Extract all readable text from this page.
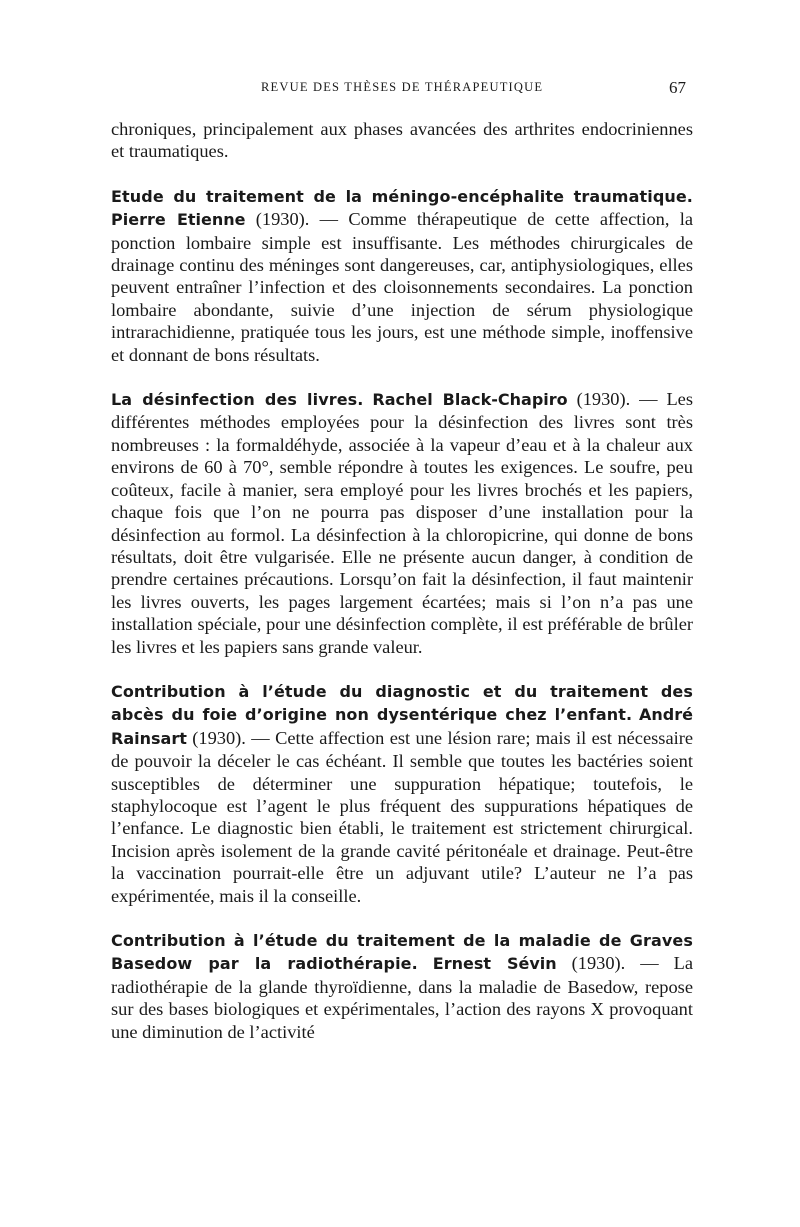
REVUE DES THÈSES DE THÉRAPEUTIQUE	67

chroniques, principalement aux phases avancées des arthrites endocriniennes et traumatiques.

Etude du traitement de la méningo-encéphalite traumatique. Pierre Etienne (1930). — Comme thérapeutique de cette affection, la ponction lombaire simple est insuffisante. Les méthodes chirurgicales de drainage continu des méninges sont dangereuses, car, antiphysiologiques, elles peuvent entraîner l’infection et des cloisonnements secondaires. La ponction lombaire abondante, suivie d’une injection de sérum physiologique intrarachidienne, pratiquée tous les jours, est une méthode simple, inoffensive et donnant de bons résultats.

La désinfection des livres. Rachel Black-Chapiro (1930). — Les différentes méthodes employées pour la désinfection des livres sont très nombreuses : la formaldéhyde, associée à la vapeur d’eau et à la chaleur aux environs de 60 à 70°, semble répondre à toutes les exigences. Le soufre, peu coûteux, facile à manier, sera employé pour les livres brochés et les papiers, chaque fois que l’on ne pourra pas disposer d’une installation pour la désinfection au formol. La désinfection à la chloropicrine, qui donne de bons résultats, doit être vulgarisée. Elle ne présente aucun danger, à condition de prendre certaines précautions. Lorsqu’on fait la désinfection, il faut maintenir les livres ouverts, les pages largement écartées; mais si l’on n’a pas une installation spéciale, pour une désinfection complète, il est préférable de brûler les livres et les papiers sans grande valeur.

Contribution à l’étude du diagnostic et du traitement des abcès du foie d’origine non dysentérique chez l’enfant. André Rainsart (1930). — Cette affection est une lésion rare; mais il est nécessaire de pouvoir la déceler le cas échéant. Il semble que toutes les bactéries soient susceptibles de déterminer une suppuration hépatique; toutefois, le staphylocoque est l’agent le plus fréquent des suppurations hépatiques de l’enfance. Le diagnostic bien établi, le traitement est strictement chirurgical. Incision après isolement de la grande cavité péritonéale et drainage. Peut-être la vaccination pourrait-elle être un adjuvant utile? L’auteur ne l’a pas expérimentée, mais il la conseille.

Contribution à l’étude du traitement de la maladie de Graves Basedow par la radiothérapie. Ernest Sévin (1930). — La radiothérapie de la glande thyroïdienne, dans la maladie de Basedow, repose sur des bases biologiques et expérimentales, l’action des rayons X provoquant une diminution de l’activité
